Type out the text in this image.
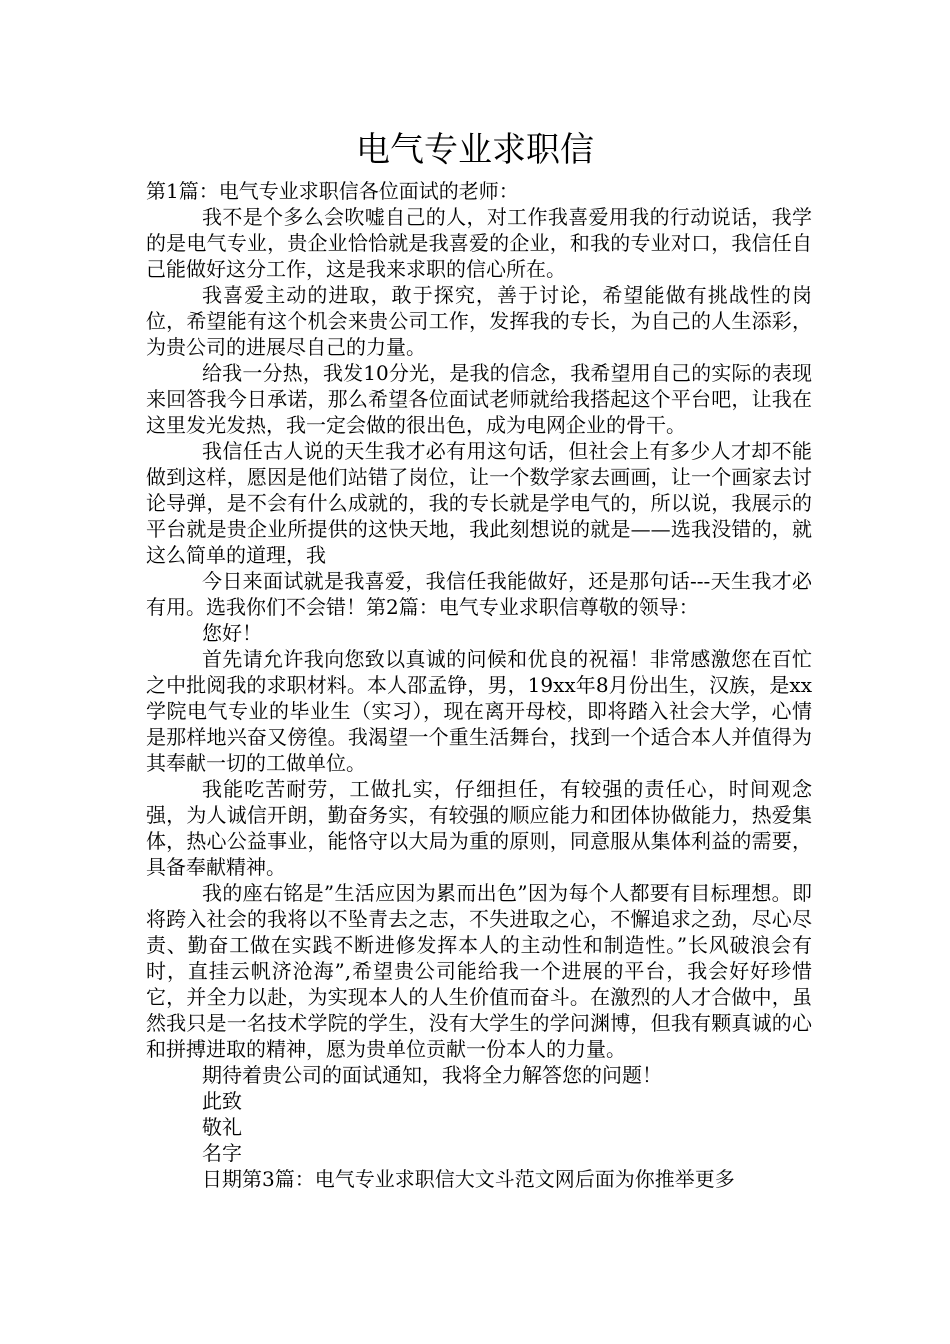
电气专业求职信

第1篇：电气专业求职信各位面试的老师：

我不是个多么会吹嘘自己的人，对工作我喜爱用我的行动说话，我学的是电气专业，贵企业恰恰就是我喜爱的企业，和我的专业对口，我信任自己能做好这分工作，这是我来求职的信心所在。

我喜爱主动的进取，敢于探究，善于讨论，希望能做有挑战性的岗位，希望能有这个机会来贵公司工作，发挥我的专长，为自己的人生添彩，为贵公司的进展尽自己的力量。

给我一分热，我发10分光，是我的信念，我希望用自己的实际的表现来回答我今日承诺，那么希望各位面试老师就给我搭起这个平台吧，让我在这里发光发热，我一定会做的很出色，成为电网企业的骨干。

我信任古人说的天生我才必有用这句话，但社会上有多少人才却不能做到这样，愿因是他们站错了岗位，让一个数学家去画画，让一个画家去讨论导弹，是不会有什么成就的，我的专长就是学电气的，所以说，我展示的平台就是贵企业所提供的这快天地，我此刻想说的就是——选我没错的，就这么简单的道理，我

今日来面试就是我喜爱，我信任我能做好，还是那句话---天生我才必有用。选我你们不会错！第2篇：电气专业求职信尊敬的领导：

您好！

首先请允许我向您致以真诚的问候和优良的祝福！非常感激您在百忙之中批阅我的求职材料。本人邵孟铮，男，19xx年8月份出生，汉族，是xx学院电气专业的毕业生（实习），现在离开母校，即将踏入社会大学，心情是那样地兴奋又傍徨。我渴望一个重生活舞台，找到一个适合本人并值得为其奉献一切的工做单位。

我能吃苦耐劳，工做扎实，仔细担任，有较强的责任心，时间观念强，为人诚信开朗，勤奋务实，有较强的顺应能力和团体协做能力，热爱集体，热心公益事业，能恪守以大局为重的原则，同意服从集体利益的需要，具备奉献精神。

我的座右铭是”生活应因为累而出色”因为每个人都要有目标理想。即将跨入社会的我将以不坠青去之志，不失进取之心，不懈追求之劲，尽心尽责、勤奋工做在实践不断进修发挥本人的主动性和制造性。”长风破浪会有时，直挂云帆济沧海”,希望贵公司能给我一个进展的平台，我会好好珍惜它，并全力以赴，为实现本人的人生价值而奋斗。在激烈的人才合做中，虽然我只是一名技术学院的学生，没有大学生的学问渊博，但我有颗真诚的心和拼搏进取的精神，愿为贵单位贡献一份本人的力量。

期待着贵公司的面试通知，我将全力解答您的问题！

此致

敬礼

名字

日期第3篇：电气专业求职信大文斗范文网后面为你推举更多
